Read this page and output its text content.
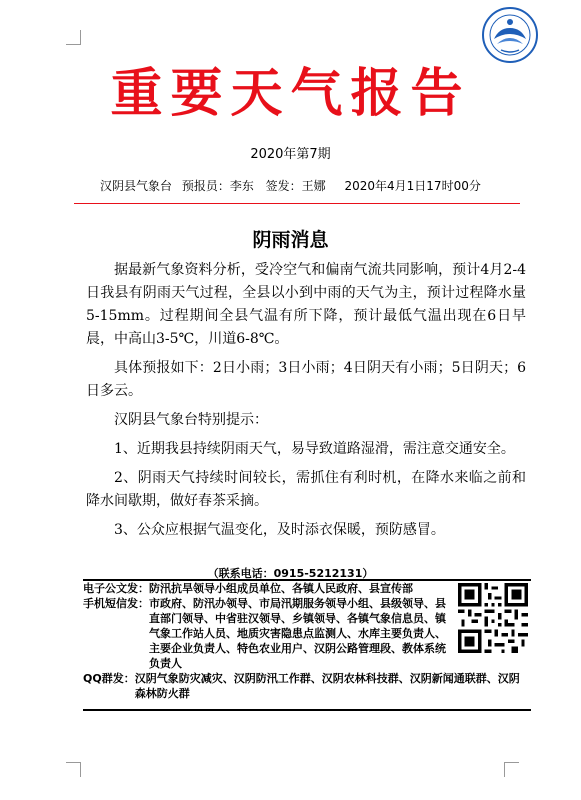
重要天气报告
2020年第7期
汉阴县气象台 预报员：李东 签发：王娜 2020年4月1日17时00分
阴雨消息

据最新气象资料分析，受冷空气和偏南气流共同影响，预计4月2-4日我县有阴雨天气过程，全县以小到中雨的天气为主，预计过程降水量5-15mm。过程期间全县气温有所下降，预计最低气温出现在6日早晨，中高山3-5℃，川道6-8℃。

具体预报如下：2日小雨；3日小雨；4日阴天有小雨；5日阴天；6日多云。

汉阴县气象台特别提示：

1、近期我县持续阴雨天气，易导致道路湿滑，需注意交通安全。

2、阴雨天气持续时间较长，需抓住有利时机，在降水来临之前和降水间歇期，做好春茶采摘。

3、公众应根据气温变化，及时添衣保暖，预防感冒。

（联系电话：0915-5212131）
电子公文发： 防汛抗旱领导小组成员单位、各镇人民政府、县宣传部
手机短信发： 市政府、防汛办领导、市局汛期服务领导小组、县级领导、县直部门领导、中省驻汉领导、乡镇领导、各镇气象信息员、镇气象工作站人员、地质灾害隐患点监测人、水库主要负责人、主要企业负责人、特色农业用户、汉阴公路管理段、教体系统负责人
QQ群发： 汉阴气象防灾减灾、汉阴防汛工作群、汉阴农林科技群、汉阴新闻通联群、汉阴森林防火群
